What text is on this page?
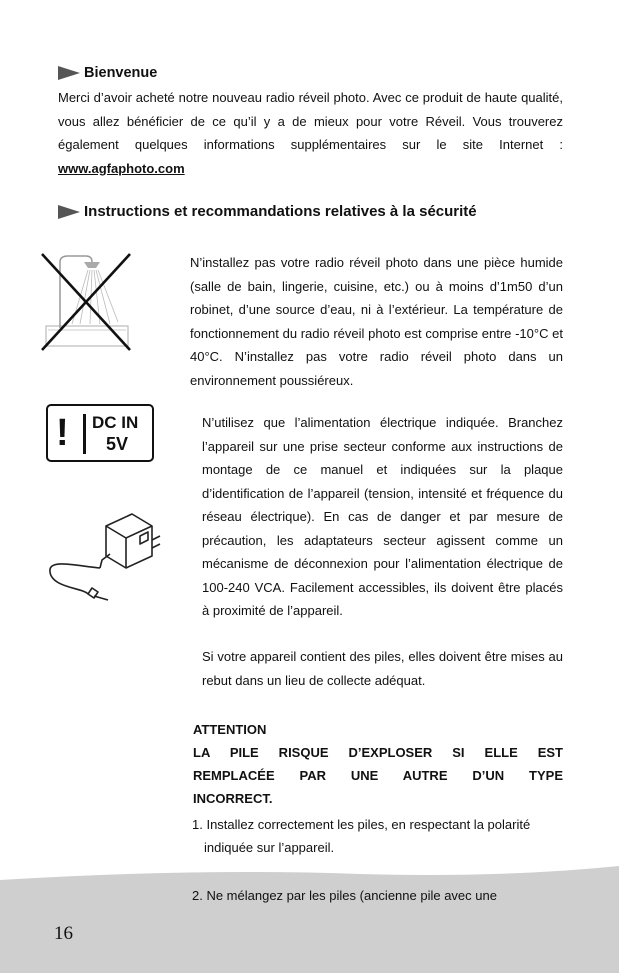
Bienvenue

Merci d’avoir acheté notre nouveau radio réveil photo. Avec ce produit de haute qualité, vous allez bénéficier de ce qu’il y a de mieux pour votre Réveil. Vous trouverez également quelques informations supplémentaires sur le site Internet : www.agfaphoto.com

Instructions et recommandations relatives à la sécurité

N’installez pas votre radio réveil photo dans une pièce humide (salle de bain, lingerie, cuisine, etc.) ou à moins d’1m50 d’un robinet, d’une source d’eau, ni à l’extérieur. La température de fonctionnement du radio réveil photo est comprise entre -10°C et 40°C. N’installez pas votre radio réveil photo dans un environnement poussiéreux.

! DC IN
5V

N’utilisez que l’alimentation électrique indiquée. Branchez l’appareil sur une prise secteur conforme aux instructions de montage de ce manuel et indiquées sur la plaque d’identification de l’appareil (tension, intensité et fréquence du réseau électrique). En cas de danger et par mesure de précaution, les adaptateurs secteur agissent comme un mécanisme de déconnexion pour l’alimentation électrique de 100-240 VCA. Facilement accessibles, ils doivent être placés à proximité de l’appareil.

Si votre appareil contient des piles, elles doivent être mises au rebut dans un lieu de collecte adéquat.

ATTENTION

LA PILE RISQUE D’EXPLOSER SI ELLE EST

REMPLACÉE PAR UNE AUTRE D’UN TYPE

INCORRECT.

1. Installez correctement les piles, en respectant la polarité

indiquée sur l’appareil.

2. Ne mélangez par les piles (ancienne pile avec une

16
